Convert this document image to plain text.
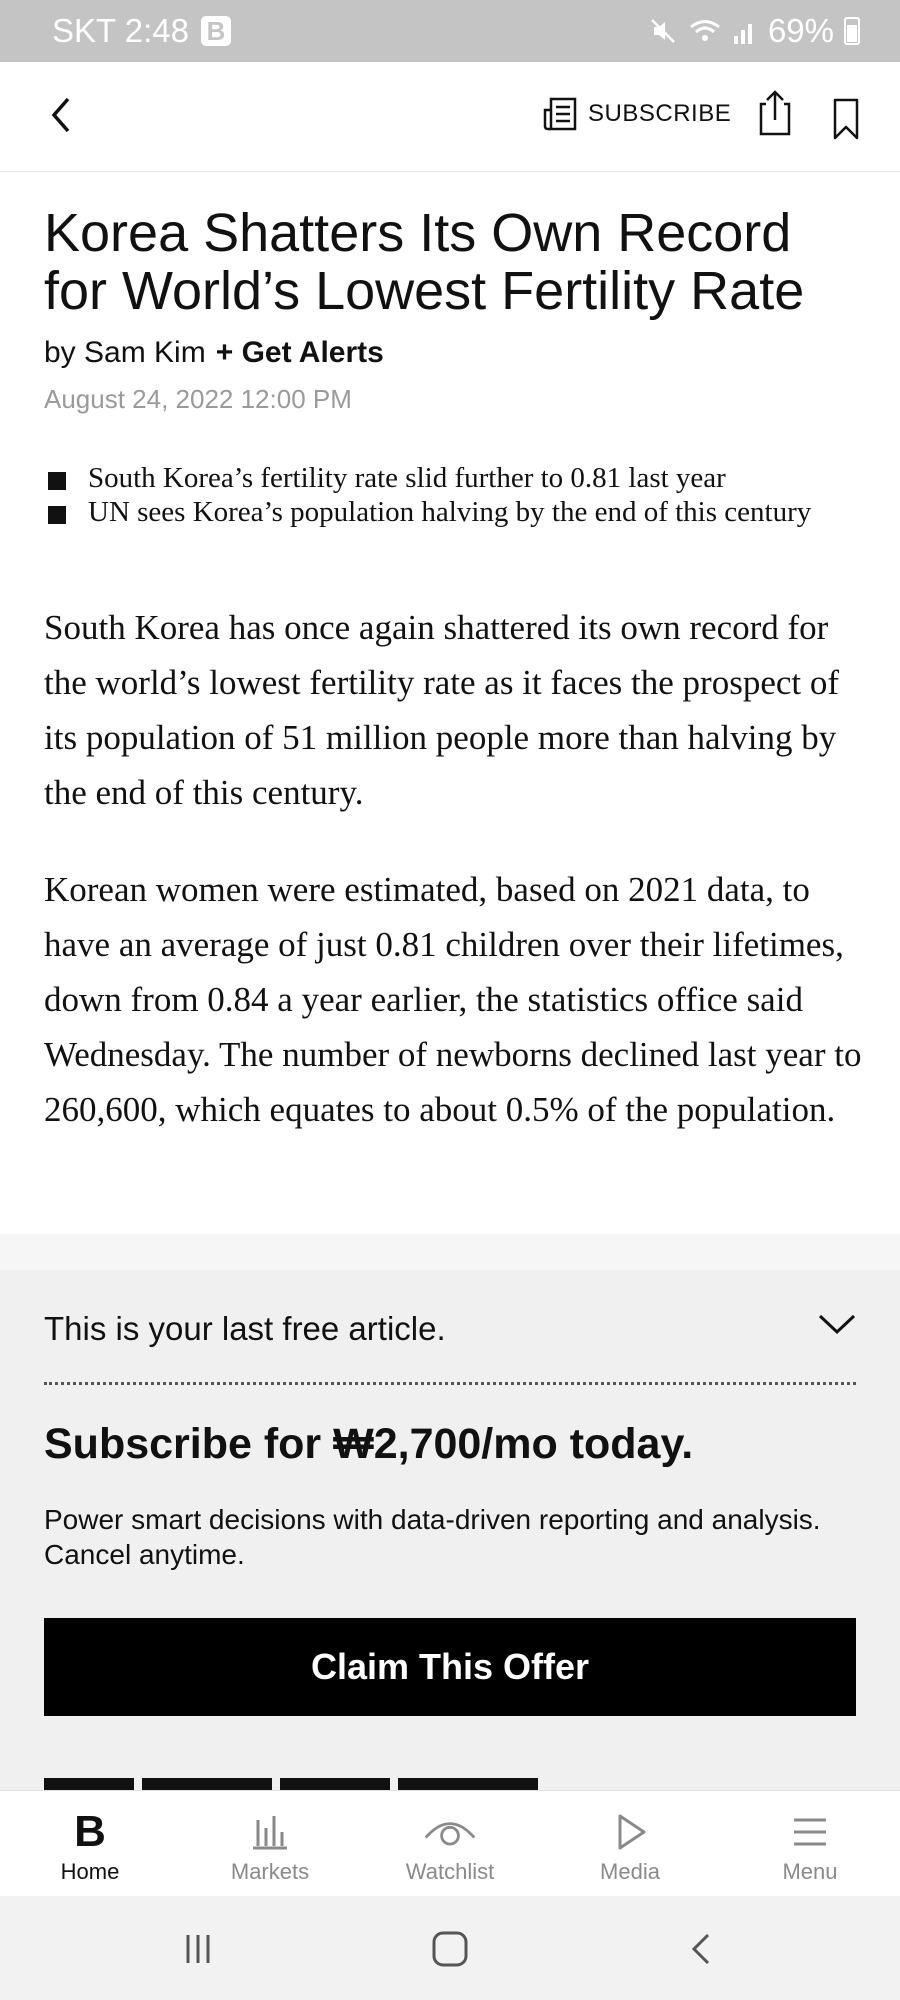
SKT 2:48 B	69%
SUBSCRIBE
Korea Shatters Its Own Record for World’s Lowest Fertility Rate
by Sam Kim + Get Alerts
August 24, 2022 12:00 PM
South Korea’s fertility rate slid further to 0.81 last year
UN sees Korea’s population halving by the end of this century

South Korea has once again shattered its own record for the world’s lowest fertility rate as it faces the prospect of its population of 51 million people more than halving by the end of this century.

Korean women were estimated, based on 2021 data, to have an average of just 0.81 children over their lifetimes, down from 0.84 a year earlier, the statistics office said Wednesday. The number of newborns declined last year to 260,600, which equates to about 0.5% of the population.

This is your last free article.
Subscribe for ₩2,700/mo today.
Power smart decisions with data-driven reporting and analysis. Cancel anytime.
Claim This Offer
B
Home	Markets	Watchlist	Media	Menu
